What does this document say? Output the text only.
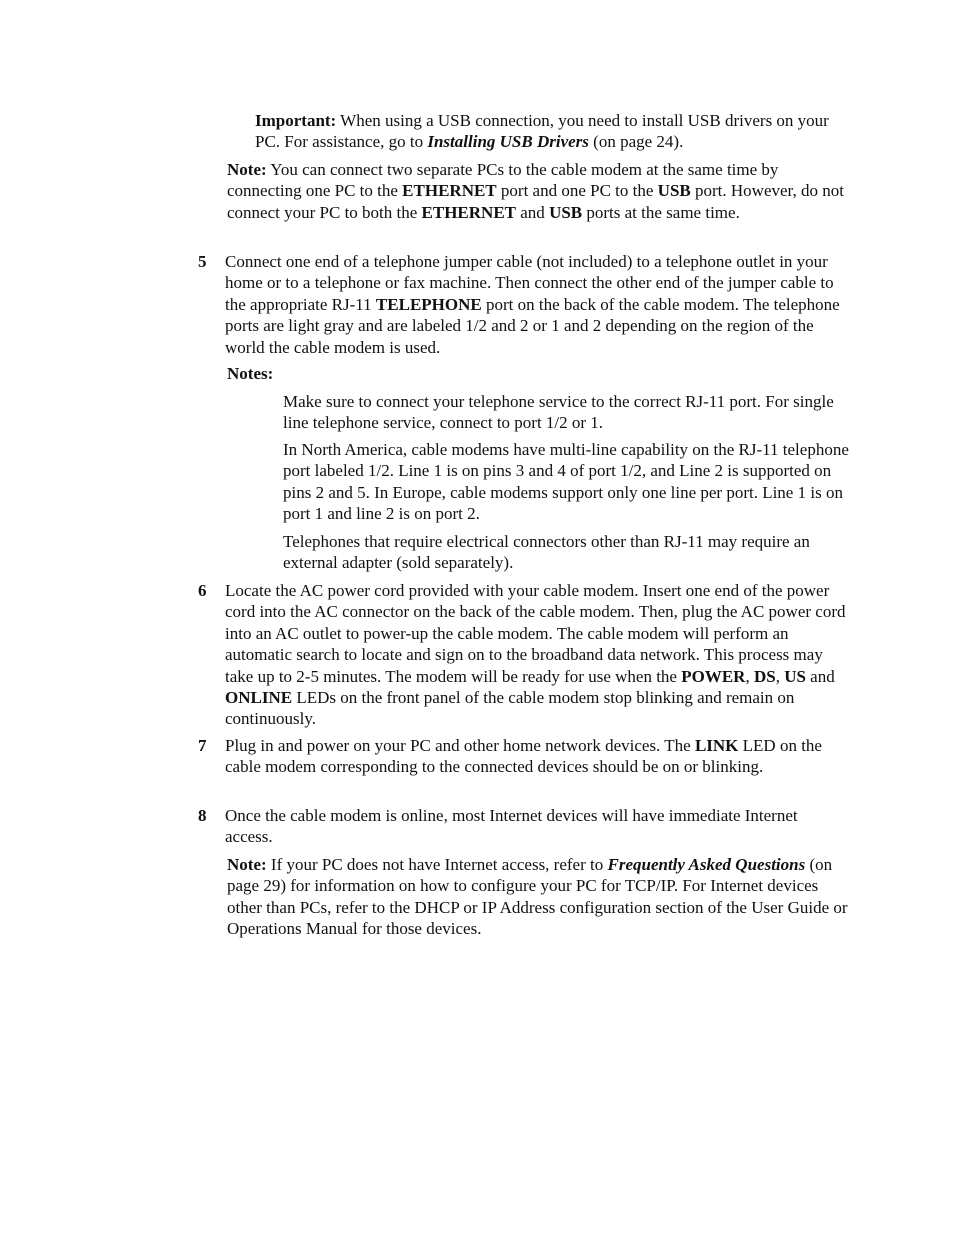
Important: When using a USB connection, you need to install USB drivers on your PC. For assistance, go to Installing USB Drivers (on page 24).

Note: You can connect two separate PCs to the cable modem at the same time by connecting one PC to the ETHERNET port and one PC to the USB port. However, do not connect your PC to both the ETHERNET and USB ports at the same time.

5 Connect one end of a telephone jumper cable (not included) to a telephone outlet in your home or to a telephone or fax machine. Then connect the other end of the jumper cable to the appropriate RJ-11 TELEPHONE port on the back of the cable modem. The telephone ports are light gray and are labeled 1/2 and 2 or 1 and 2 depending on the region of the world the cable modem is used.

Notes:

Make sure to connect your telephone service to the correct RJ-11 port. For single line telephone service, connect to port 1/2 or 1.

In North America, cable modems have multi-line capability on the RJ-11 telephone port labeled 1/2. Line 1 is on pins 3 and 4 of port 1/2, and Line 2 is supported on pins 2 and 5. In Europe, cable modems support only one line per port. Line 1 is on port 1 and line 2 is on port 2.

Telephones that require electrical connectors other than RJ-11 may require an external adapter (sold separately).

6 Locate the AC power cord provided with your cable modem. Insert one end of the power cord into the AC connector on the back of the cable modem. Then, plug the AC power cord into an AC outlet to power-up the cable modem. The cable modem will perform an automatic search to locate and sign on to the broadband data network. This process may take up to 2-5 minutes. The modem will be ready for use when the POWER, DS, US and ONLINE LEDs on the front panel of the cable modem stop blinking and remain on continuously.

7 Plug in and power on your PC and other home network devices. The LINK LED on the cable modem corresponding to the connected devices should be on or blinking.

8 Once the cable modem is online, most Internet devices will have immediate Internet access.

Note: If your PC does not have Internet access, refer to Frequently Asked Questions (on page 29) for information on how to configure your PC for TCP/IP. For Internet devices other than PCs, refer to the DHCP or IP Address configuration section of the User Guide or Operations Manual for those devices.
